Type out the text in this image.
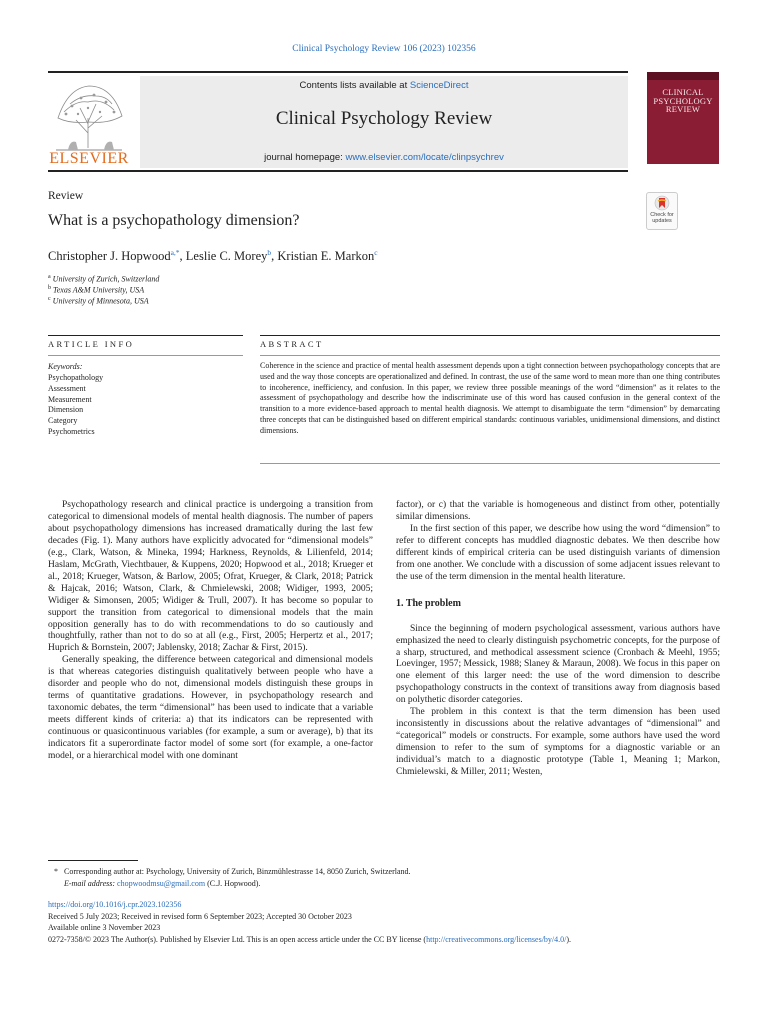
Clinical Psychology Review 106 (2023) 102356
ELSEVIER
Contents lists available at ScienceDirect
Clinical Psychology Review
journal homepage: www.elsevier.com/locate/clinpsychrev
CLINICAL
PSYCHOLOGY
REVIEW
Review
What is a psychopathology dimension?	Check for updates
Christopher J. Hopwood$^{a,*}$, Leslie C. Morey$^b$, Kristian E. Markon$^c$
$^a$ University of Zurich, Switzerland
$^b$ Texas A&M University, USA
$^c$ University of Minnesota, USA
ARTICLE INFO	ABSTRACT
Keywords:
Psychopathology
Assessment
Measurement
Dimension
Category
Psychometrics
Coherence in the science and practice of mental health assessment depends upon a tight connection between psychopathology concepts that are used and the way those concepts are operationalized and defined. In contrast, the use of the same word to mean more than one thing contributes to incoherence, inefficiency, and confusion. In this paper, we review three possible meanings of the word “dimension” as it relates to the assessment of psychopathology and describe how the indiscriminate use of this word has caused confusion in the general context of the transition to a more evidence-based approach to mental health diagnosis. We attempt to disambiguate the term “dimension” by demarcating three concepts that can be distinguished based on different empirical standards: continuous variables, unidimensional dimensions, and distinct dimensions.

Psychopathology research and clinical practice is undergoing a transition from categorical to dimensional models of mental health diagnosis. The number of papers about psychopathology dimensions has increased dramatically during the last few decades (Fig. 1). Many authors have explicitly advocated for “dimensional models” (e.g., Clark, Watson, & Mineka, 1994; Harkness, Reynolds, & Lilienfeld, 2014; Haslam, McGrath, Viechtbauer, & Kuppens, 2020; Hopwood et al., 2018; Krueger et al., 2018; Krueger, Watson, & Barlow, 2005; Ofrat, Krueger, & Clark, 2018; Patrick & Hajcak, 2016; Watson, Clark, & Chmielewski, 2008; Widiger, 1993, 2005; Widiger & Simonsen, 2005; Widiger & Trull, 2007). It has become so popular to support the transition from categorical to dimensional models that the main opposition generally has to do with recommendations to do so cautiously and thoughtfully, rather than not to do so at all (e.g., First, 2005; Herpertz et al., 2017; Huprich & Bornstein, 2007; Jablensky, 2018; Zachar & First, 2015).

Generally speaking, the difference between categorical and dimensional models is that whereas categories distinguish qualitatively between people who have a disorder and people who do not, dimensional models distinguish these groups in terms of quantitative gradations. However, in psychopathology research and taxonomic debates, the term “dimensional” has been used to indicate that a variable meets different kinds of criteria: a) that its indicators can be represented with continuous or quasicontinuous variables (for example, a sum or average), b) that its indicators fit a superordinate factor model of some sort (for example, a one-factor model, or a hierarchical model with one dominant

factor), or c) that the variable is homogeneous and distinct from other, potentially similar dimensions.

In the first section of this paper, we describe how using the word “dimension” to refer to different concepts has muddled diagnostic debates. We then describe how different kinds of empirical criteria can be used distinguish variants of dimension from one another. We conclude with a discussion of some adjacent issues relevant to the use of the term dimension in the mental health literature.

1. The problem

Since the beginning of modern psychological assessment, various authors have emphasized the need to clearly distinguish psychometric concepts, for the purpose of a sharp, structured, and methodical assessment science (Cronbach & Meehl, 1955; Loevinger, 1957; Messick, 1988; Slaney & Maraun, 2008). We focus in this paper on one element of this larger need: the use of the word dimension to describe psychopathology constructs in the context of transitions away from diagnosis based on polythetic disorder categories.

The problem in this context is that the term dimension has been used inconsistently in discussions about the relative advantages of “dimensional” and “categorical” models or constructs. For example, some authors have used the word dimension to refer to the sum of symptoms for a diagnostic variable or an individual’s match to a diagnostic prototype (Table 1, Meaning 1; Markon, Chmielewski, & Miller, 2011; Westen,

* Corresponding author at: Psychology, University of Zurich, Binzmühlestrasse 14, 8050 Zurich, Switzerland.
E-mail address: chopwoodmsu@gmail.com (C.J. Hopwood).
https://doi.org/10.1016/j.cpr.2023.102356
Received 5 July 2023; Received in revised form 6 September 2023; Accepted 30 October 2023
Available online 3 November 2023
0272-7358/© 2023 The Author(s). Published by Elsevier Ltd. This is an open access article under the CC BY license (http://creativecommons.org/licenses/by/4.0/).
